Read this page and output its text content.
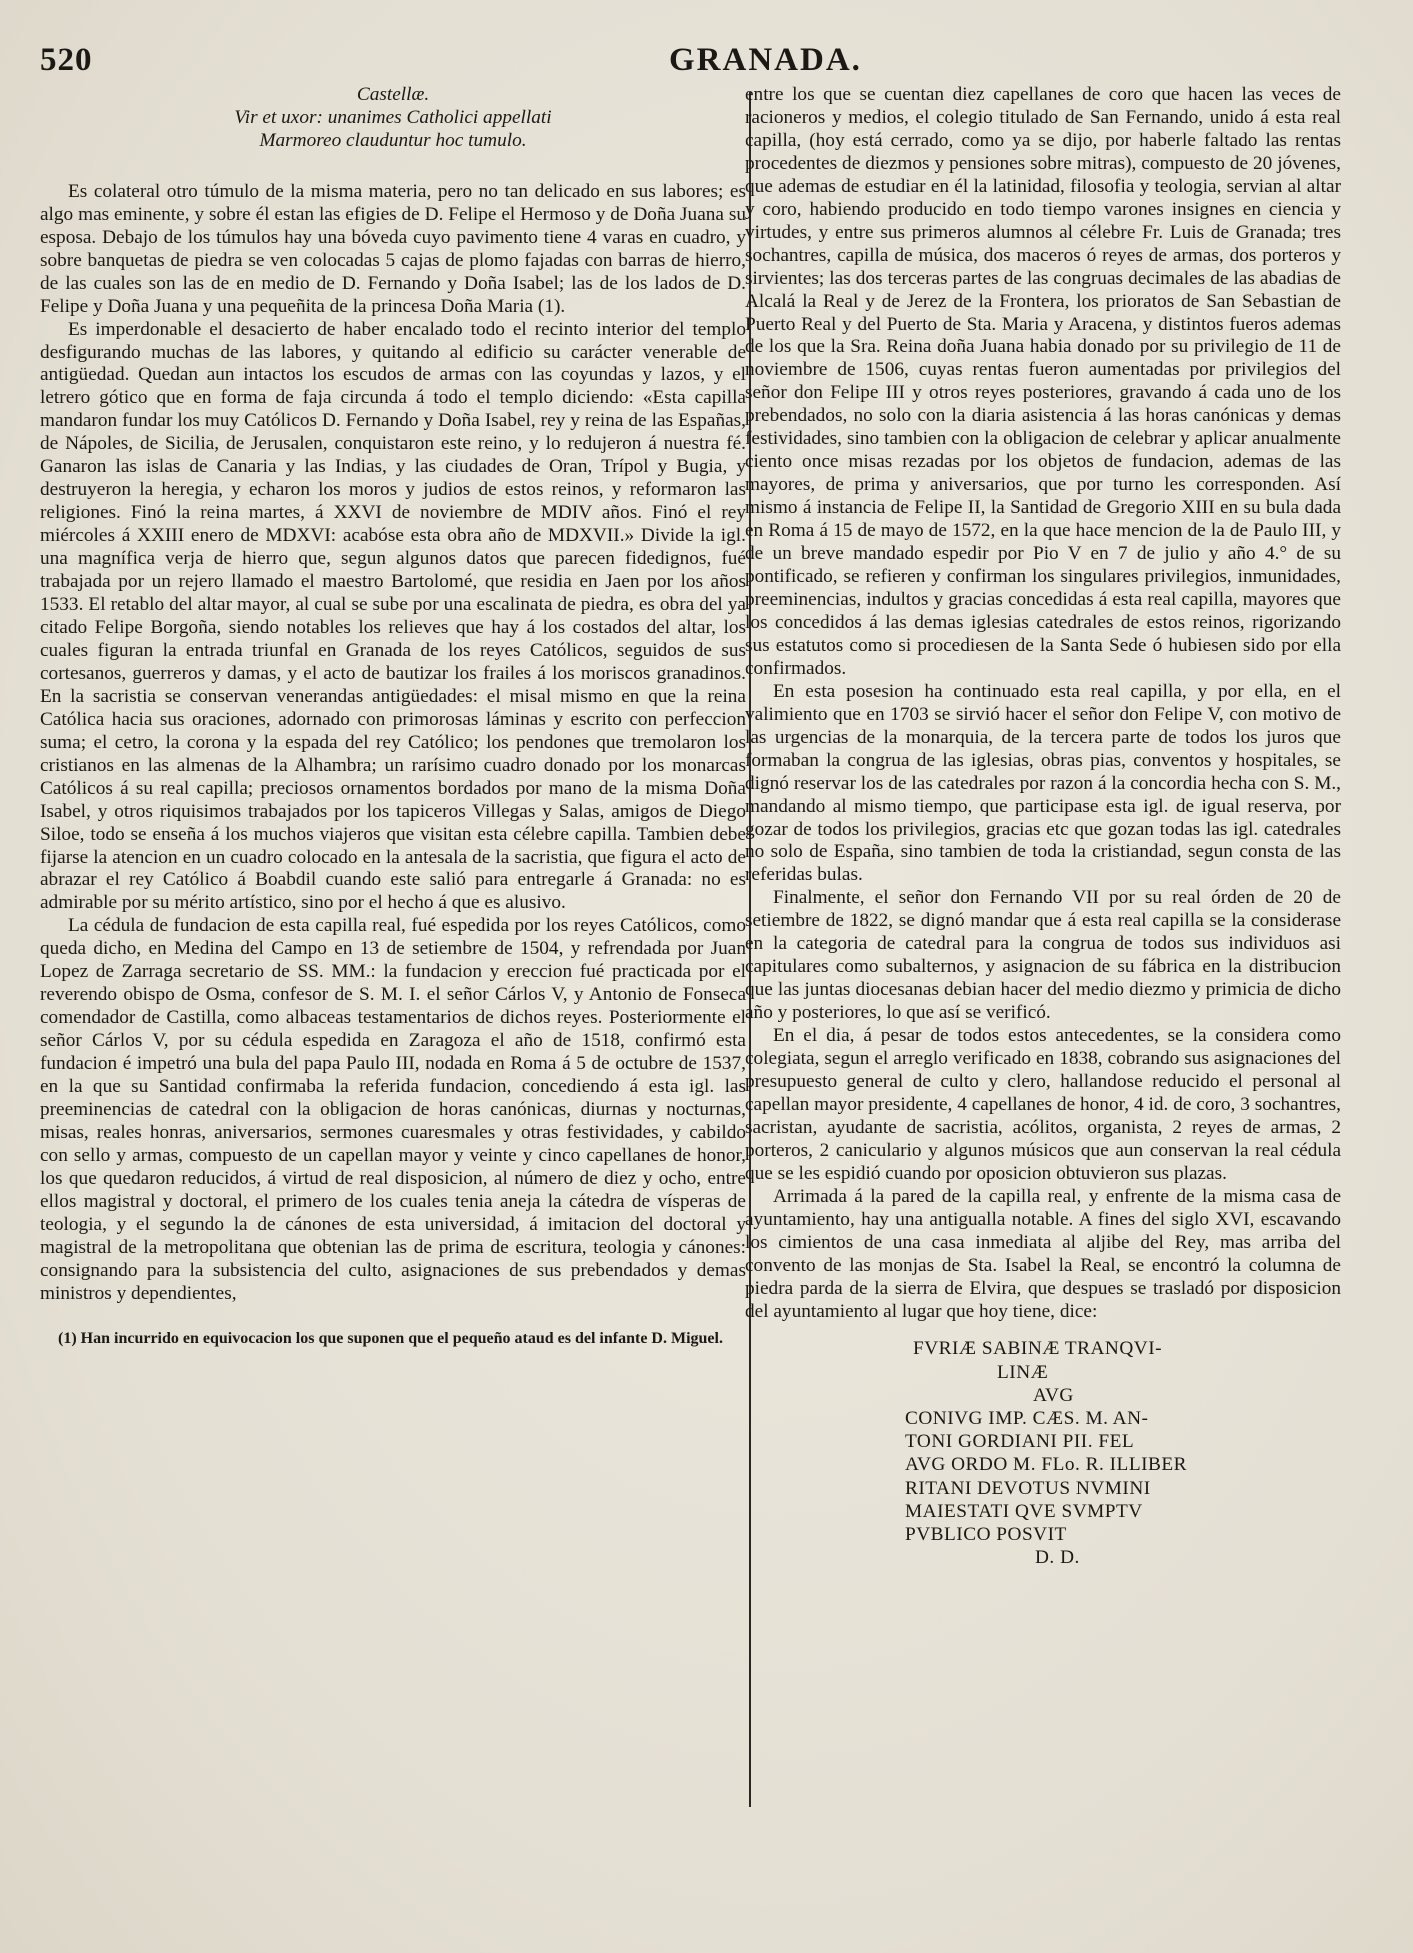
520	GRANADA.
Castellæ.
Vir et uxor: unanimes Catholici appellati
Marmoreo clauduntur hoc tumulo.

Es colateral otro túmulo de la misma materia, pero no tan delicado en sus labores; es algo mas eminente, y sobre él estan las efigies de D. Felipe el Hermoso y de Doña Juana su esposa. Debajo de los túmulos hay una bóveda cuyo pavimento tiene 4 varas en cuadro, y sobre banquetas de piedra se ven colocadas 5 cajas de plomo fajadas con barras de hierro, de las cuales son las de en medio de D. Fernando y Doña Isabel; las de los lados de D. Felipe y Doña Juana y una pequeñita de la princesa Doña Maria (1).

Es imperdonable el desacierto de haber encalado todo el recinto interior del templo desfigurando muchas de las labores, y quitando al edificio su carácter venerable de antigüedad. Quedan aun intactos los escudos de armas con las coyundas y lazos, y el letrero gótico que en forma de faja circunda á todo el templo diciendo: «Esta capilla mandaron fundar los muy Católicos D. Fernando y Doña Isabel, rey y reina de las Españas, de Nápoles, de Sicilia, de Jerusalen, conquistaron este reino, y lo redujeron á nuestra fé. Ganaron las islas de Canaria y las Indias, y las ciudades de Oran, Trípol y Bugia, y destruyeron la heregia, y echaron los moros y judios de estos reinos, y reformaron las religiones. Finó la reina martes, á XXVI de noviembre de MDIV años. Finó el rey miércoles á XXIII enero de MDXVI: acabóse esta obra año de MDXVII.» Divide la igl. una magnífica verja de hierro que, segun algunos datos que parecen fidedignos, fué trabajada por un rejero llamado el maestro Bartolomé, que residia en Jaen por los años 1533. El retablo del altar mayor, al cual se sube por una escalinata de piedra, es obra del ya citado Felipe Borgoña, siendo notables los relieves que hay á los costados del altar, los cuales figuran la entrada triunfal en Granada de los reyes Católicos, seguidos de sus cortesanos, guerreros y damas, y el acto de bautizar los frailes á los moriscos granadinos. En la sacristia se conservan venerandas antigüedades: el misal mismo en que la reina Católica hacia sus oraciones, adornado con primorosas láminas y escrito con perfeccion suma; el cetro, la corona y la espada del rey Católico; los pendones que tremolaron los cristianos en las almenas de la Alhambra; un rarísimo cuadro donado por los monarcas Católicos á su real capilla; preciosos ornamentos bordados por mano de la misma Doña Isabel, y otros riquisimos trabajados por los tapiceros Villegas y Salas, amigos de Diego Siloe, todo se enseña á los muchos viajeros que visitan esta célebre capilla. Tambien debe fijarse la atencion en un cuadro colocado en la antesala de la sacristia, que figura el acto de abrazar el rey Católico á Boabdil cuando este salió para entregarle á Granada: no es admirable por su mérito artístico, sino por el hecho á que es alusivo.

La cédula de fundacion de esta capilla real, fué espedida por los reyes Católicos, como queda dicho, en Medina del Campo en 13 de setiembre de 1504, y refrendada por Juan Lopez de Zarraga secretario de SS. MM.: la fundacion y ereccion fué practicada por el reverendo obispo de Osma, confesor de S. M. I. el señor Cárlos V, y Antonio de Fonseca comendador de Castilla, como albaceas testamentarios de dichos reyes. Posteriormente el señor Cárlos V, por su cédula espedida en Zaragoza el año de 1518, confirmó esta fundacion é impetró una bula del papa Paulo III, nodada en Roma á 5 de octubre de 1537, en la que su Santidad confirmaba la referida fundacion, concediendo á esta igl. las preeminencias de catedral con la obligacion de horas canónicas, diurnas y nocturnas, misas, reales honras, aniversarios, sermones cuaresmales y otras festividades, y cabildo con sello y armas, compuesto de un capellan mayor y veinte y cinco capellanes de honor, los que quedaron reducidos, á virtud de real disposicion, al número de diez y ocho, entre ellos magistral y doctoral, el primero de los cuales tenia aneja la cátedra de vísperas de teologia, y el segundo la de cánones de esta universidad, á imitacion del doctoral y magistral de la metropolitana que obtenian las de prima de escritura, teologia y cánones: consignando para la subsistencia del culto, asignaciones de sus prebendados y demas ministros y dependientes,

(1) Han incurrido en equivocacion los que suponen que el pequeño ataud es del infante D. Miguel.

entre los que se cuentan diez capellanes de coro que hacen las veces de racioneros y medios, el colegio titulado de San Fernando, unido á esta real capilla, (hoy está cerrado, como ya se dijo, por haberle faltado las rentas procedentes de diezmos y pensiones sobre mitras), compuesto de 20 jóvenes, que ademas de estudiar en él la latinidad, filosofia y teologia, servian al altar y coro, habiendo producido en todo tiempo varones insignes en ciencia y virtudes, y entre sus primeros alumnos al célebre Fr. Luis de Granada; tres sochantres, capilla de música, dos maceros ó reyes de armas, dos porteros y sirvientes; las dos terceras partes de las congruas decimales de las abadias de Alcalá la Real y de Jerez de la Frontera, los prioratos de San Sebastian de Puerto Real y del Puerto de Sta. Maria y Aracena, y distintos fueros ademas de los que la Sra. Reina doña Juana habia donado por su privilegio de 11 de noviembre de 1506, cuyas rentas fueron aumentadas por privilegios del señor don Felipe III y otros reyes posteriores, gravando á cada uno de los prebendados, no solo con la diaria asistencia á las horas canónicas y demas festividades, sino tambien con la obligacion de celebrar y aplicar anualmente ciento once misas rezadas por los objetos de fundacion, ademas de las mayores, de prima y aniversarios, que por turno les corresponden. Así mismo á instancia de Felipe II, la Santidad de Gregorio XIII en su bula dada en Roma á 15 de mayo de 1572, en la que hace mencion de la de Paulo III, y de un breve mandado espedir por Pio V en 7 de julio y año 4.° de su pontificado, se refieren y confirman los singulares privilegios, inmunidades, preeminencias, indultos y gracias concedidas á esta real capilla, mayores que los concedidos á las demas iglesias catedrales de estos reinos, rigorizando sus estatutos como si procediesen de la Santa Sede ó hubiesen sido por ella confirmados.

En esta posesion ha continuado esta real capilla, y por ella, en el valimiento que en 1703 se sirvió hacer el señor don Felipe V, con motivo de las urgencias de la monarquia, de la tercera parte de todos los juros que formaban la congrua de las iglesias, obras pias, conventos y hospitales, se dignó reservar los de las catedrales por razon á la concordia hecha con S. M., mandando al mismo tiempo, que participase esta igl. de igual reserva, por gozar de todos los privilegios, gracias etc que gozan todas las igl. catedrales no solo de España, sino tambien de toda la cristiandad, segun consta de las referidas bulas.

Finalmente, el señor don Fernando VII por su real órden de 20 de setiembre de 1822, se dignó mandar que á esta real capilla se la considerase en la categoria de catedral para la congrua de todos sus individuos asi capitulares como subalternos, y asignacion de su fábrica en la distribucion que las juntas diocesanas debian hacer del medio diezmo y primicia de dicho año y posteriores, lo que así se verificó.

En el dia, á pesar de todos estos antecedentes, se la considera como colegiata, segun el arreglo verificado en 1838, cobrando sus asignaciones del presupuesto general de culto y clero, hallandose reducido el personal al capellan mayor presidente, 4 capellanes de honor, 4 id. de coro, 3 sochantres, sacristan, ayudante de sacristia, acólitos, organista, 2 reyes de armas, 2 porteros, 2 caniculario y algunos músicos que aun conservan la real cédula que se les espidió cuando por oposicion obtuvieron sus plazas.

Arrimada á la pared de la capilla real, y enfrente de la misma casa de ayuntamiento, hay una antigualla notable. A fines del siglo XVI, escavando los cimientos de una casa inmediata al aljibe del Rey, mas arriba del convento de las monjas de Sta. Isabel la Real, se encontró la columna de piedra parda de la sierra de Elvira, que despues se trasladó por disposicion del ayuntamiento al lugar que hoy tiene, dice:

FVRIÆ SABINÆ TRANQVI-
LINÆ
AVG
CONIVG IMP. CÆS. M. AN-
TONI GORDIANI PII. FEL
AVG ORDO M. FLo. R. ILLIBER
RITANI DEVOTUS NVMINI
MAIESTATI QVE SVMPTV
PVBLICO POSVIT
D. D.
